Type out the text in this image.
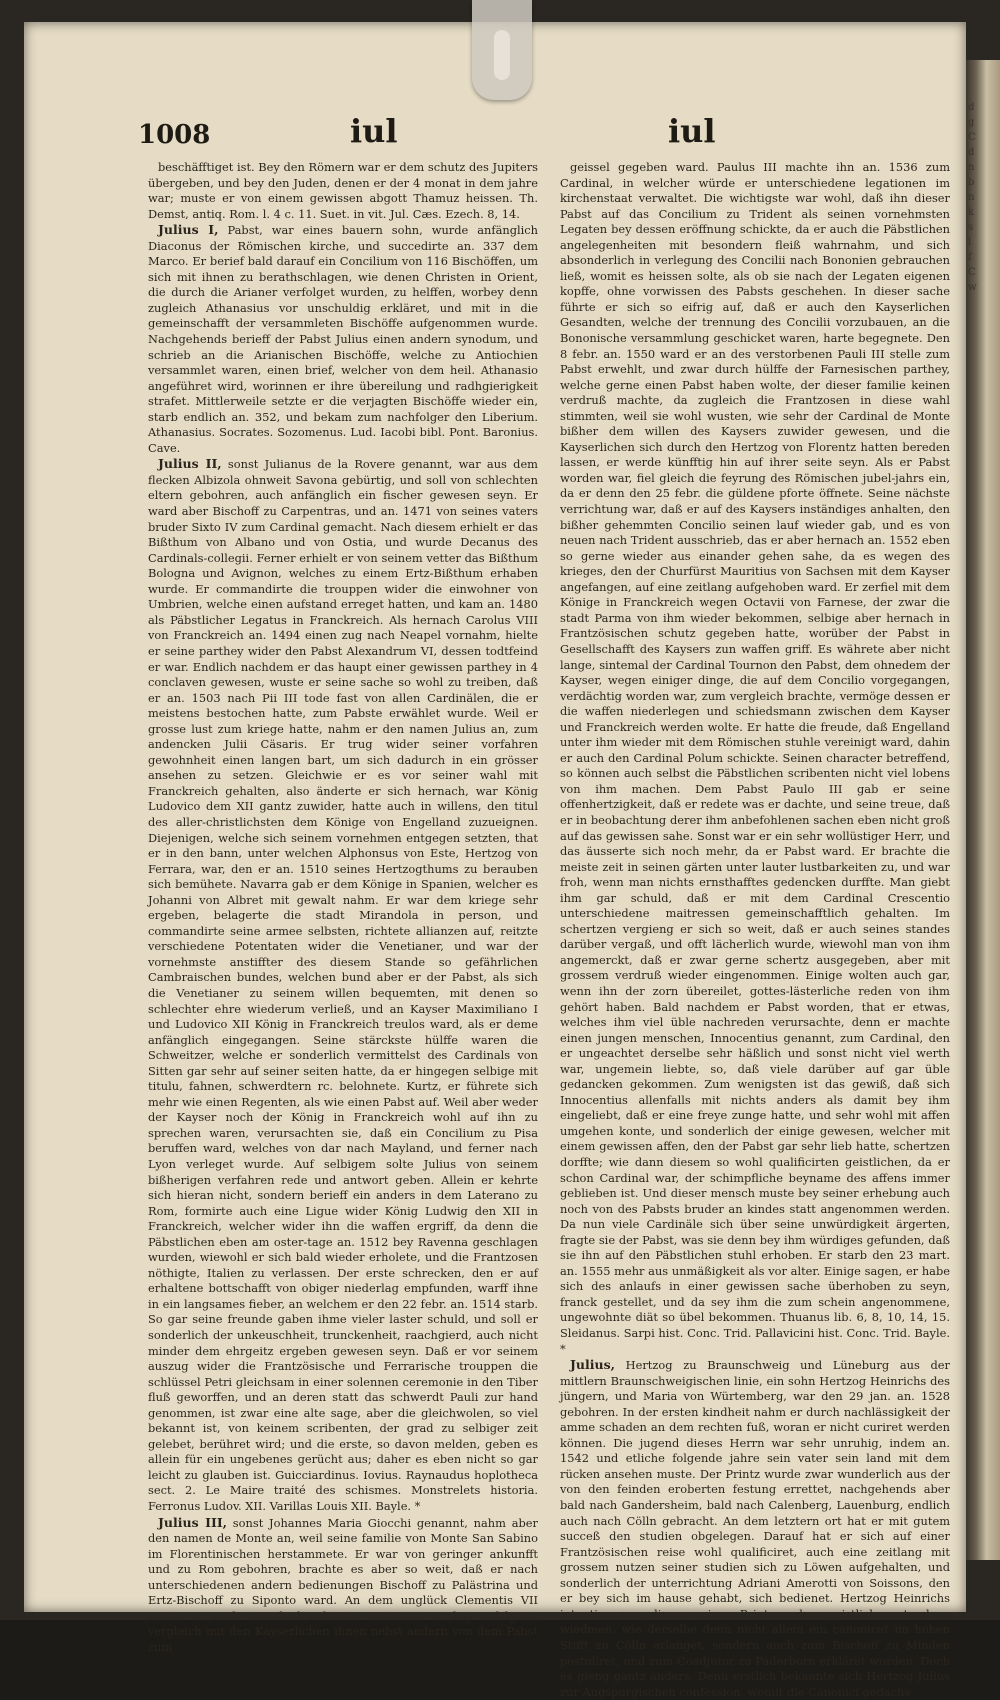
1008	iul	iul

beschäfftiget ist. Bey den Römern war er dem schutz des Jupiters übergeben, und bey den Juden, denen er der 4 monat in dem jahre war; muste er von einem gewissen abgott Thamuz heissen. Th. Demst, antiq. Rom. l. 4 c. 11. Suet. in vit. Jul. Cæs. Ezech. 8, 14.

Julius I, Pabst, war eines bauern sohn, wurde anfänglich Diaconus der Römischen kirche, und succedirte an. 337 dem Marco. Er berief bald darauf ein Concilium von 116 Bischöffen, um sich mit ihnen zu berathschlagen, wie denen Christen in Orient, die durch die Arianer verfolget wurden, zu helffen, worbey denn zugleich Athanasius vor unschuldig erkläret, und mit in die gemeinschafft der versammleten Bischöffe aufgenommen wurde. Nachgehends berieff der Pabst Julius einen andern synodum, und schrieb an die Arianischen Bischöffe, welche zu Antiochien versammlet waren, einen brief, welcher von dem heil. Athanasio angeführet wird, worinnen er ihre übereilung und radhgierigkeit strafet. Mittlerweile setzte er die verjagten Bischöffe wieder ein, starb endlich an. 352, und bekam zum nachfolger den Liberium. Athanasius. Socrates. Sozomenus. Lud. Iacobi bibl. Pont. Baronius. Cave.

Julius II, sonst Julianus de la Rovere genannt, war aus dem flecken Albizola ohnweit Savona gebürtig, und soll von schlechten eltern gebohren, auch anfänglich ein fischer gewesen seyn. Er ward aber Bischoff zu Carpentras, und an. 1471 von seines vaters bruder Sixto IV zum Cardinal gemacht. Nach diesem erhielt er das Bißthum von Albano und von Ostia, und wurde Decanus des Cardinals-collegii. Ferner erhielt er von seinem vetter das Bißthum Bologna und Avignon, welches zu einem Ertz-Bißthum erhaben wurde. Er commandirte die trouppen wider die einwohner von Umbrien, welche einen aufstand erreget hatten, und kam an. 1480 als Päbstlicher Legatus in Franckreich. Als hernach Carolus VIII von Franckreich an. 1494 einen zug nach Neapel vornahm, hielte er seine parthey wider den Pabst Alexandrum VI, dessen todtfeind er war. Endlich nachdem er das haupt einer gewissen parthey in 4 conclaven gewesen, wuste er seine sache so wohl zu treiben, daß er an. 1503 nach Pii III tode fast von allen Cardinälen, die er meistens bestochen hatte, zum Pabste erwählet wurde. Weil er grosse lust zum kriege hatte, nahm er den namen Julius an, zum andencken Julii Cäsaris. Er trug wider seiner vorfahren gewohnheit einen langen bart, um sich dadurch in ein grösser ansehen zu setzen. Gleichwie er es vor seiner wahl mit Franckreich gehalten, also änderte er sich hernach, war König Ludovico dem XII gantz zuwider, hatte auch in willens, den titul des aller-christlichsten dem Könige von Engelland zuzueignen. Diejenigen, welche sich seinem vornehmen entgegen setzten, that er in den bann, unter welchen Alphonsus von Este, Hertzog von Ferrara, war, den er an. 1510 seines Hertzogthums zu berauben sich bemühete. Navarra gab er dem Könige in Spanien, welcher es Johanni von Albret mit gewalt nahm. Er war dem kriege sehr ergeben, belagerte die stadt Mirandola in person, und commandirte seine armee selbsten, richtete allianzen auf, reitzte verschiedene Potentaten wider die Venetianer, und war der vornehmste anstiffter des diesem Stande so gefährlichen Cambraischen bundes, welchen bund aber er der Pabst, als sich die Venetianer zu seinem willen bequemten, mit denen so schlechter ehre wiederum verließ, und an Kayser Maximiliano I und Ludovico XII König in Franckreich treulos ward, als er deme anfänglich eingegangen. Seine stärckste hülffe waren die Schweitzer, welche er sonderlich vermittelst des Cardinals von Sitten gar sehr auf seiner seiten hatte, da er hingegen selbige mit titulu, fahnen, schwerdtern rc. belohnete. Kurtz, er führete sich mehr wie einen Regenten, als wie einen Pabst auf. Weil aber weder der Kayser noch der König in Franckreich wohl auf ihn zu sprechen waren, verursachten sie, daß ein Concilium zu Pisa beruffen ward, welches von dar nach Mayland, und ferner nach Lyon verleget wurde. Auf selbigem solte Julius von seinem bißherigen verfahren rede und antwort geben. Allein er kehrte sich hieran nicht, sondern berieff ein anders in dem Laterano zu Rom, formirte auch eine Ligue wider König Ludwig den XII in Franckreich, welcher wider ihn die waffen ergriff, da denn die Päbstlichen eben am oster-tage an. 1512 bey Ravenna geschlagen wurden, wiewohl er sich bald wieder erholete, und die Frantzosen nöthigte, Italien zu verlassen. Der erste schrecken, den er auf erhaltene bottschafft von obiger niederlag empfunden, warff ihne in ein langsames fieber, an welchem er den 22 febr. an. 1514 starb. So gar seine freunde gaben ihme vieler laster schuld, und soll er sonderlich der unkeuschheit, trunckenheit, raachgierd, auch nicht minder dem ehrgeitz ergeben gewesen seyn. Daß er vor seinem auszug wider die Frantzösische und Ferrarische trouppen die schlüssel Petri gleichsam in einer solennen ceremonie in den Tiber fluß geworffen, und an deren statt das schwerdt Pauli zur hand genommen, ist zwar eine alte sage, aber die gleichwolen, so viel bekannt ist, von keinem scribenten, der grad zu selbiger zeit gelebet, berühret wird; und die erste, so davon melden, geben es allein für ein ungebenes gerücht aus; daher es eben nicht so gar leicht zu glauben ist. Guicciardinus. Iovius. Raynaudus hoplotheca sect. 2. Le Maire traité des schismes. Monstrelets historia. Ferronus Ludov. XII. Varillas Louis XII. Bayle. *

Julius III, sonst Johannes Maria Giocchi genannt, nahm aber den namen de Monte an, weil seine familie von Monte San Sabino im Florentinischen herstammete. Er war von geringer ankunfft und zu Rom gebohren, brachte es aber so weit, daß er nach unterschiedenen andern bedienungen Bischoff zu Palästrina und Ertz-Bischoff zu Siponto ward. An dem unglück Clementis VII muste er auch mit theil nehmen, immassen er bey erfolgtem vergleich mit den Kayserlichen ihnen nebst andern von dem Pabst zum

geissel gegeben ward. Paulus III machte ihn an. 1536 zum Cardinal, in welcher würde er unterschiedene legationen im kirchenstaat verwaltet. Die wichtigste war wohl, daß ihn dieser Pabst auf das Concilium zu Trident als seinen vornehmsten Legaten bey dessen eröffnung schickte, da er auch die Päbstlichen angelegenheiten mit besondern fleiß wahrnahm, und sich absonderlich in verlegung des Concilii nach Bononien gebrauchen ließ, womit es heissen solte, als ob sie nach der Legaten eigenen kopffe, ohne vorwissen des Pabsts geschehen. In dieser sache führte er sich so eifrig auf, daß er auch den Kayserlichen Gesandten, welche der trennung des Concilii vorzubauen, an die Bononische versammlung geschicket waren, harte begegnete. Den 8 febr. an. 1550 ward er an des verstorbenen Pauli III stelle zum Pabst erwehlt, und zwar durch hülffe der Farnesischen parthey, welche gerne einen Pabst haben wolte, der dieser familie keinen verdruß machte, da zugleich die Frantzosen in diese wahl stimmten, weil sie wohl wusten, wie sehr der Cardinal de Monte bißher dem willen des Kaysers zuwider gewesen, und die Kayserlichen sich durch den Hertzog von Florentz hatten bereden lassen, er werde künfftig hin auf ihrer seite seyn. Als er Pabst worden war, fiel gleich die feyrung des Römischen jubel-jahrs ein, da er denn den 25 febr. die güldene pforte öffnete. Seine nächste verrichtung war, daß er auf des Kaysers inständiges anhalten, den bißher gehemmten Concilio seinen lauf wieder gab, und es von neuen nach Trident ausschrieb, das er aber hernach an. 1552 eben so gerne wieder aus einander gehen sahe, da es wegen des krieges, den der Churfürst Mauritius von Sachsen mit dem Kayser angefangen, auf eine zeitlang aufgehoben ward. Er zerfiel mit dem Könige in Franckreich wegen Octavii von Farnese, der zwar die stadt Parma von ihm wieder bekommen, selbige aber hernach in Frantzösischen schutz gegeben hatte, worüber der Pabst in Gesellschafft des Kaysers zun waffen griff. Es währete aber nicht lange, sintemal der Cardinal Tournon den Pabst, dem ohnedem der Kayser, wegen einiger dinge, die auf dem Concilio vorgegangen, verdächtig worden war, zum vergleich brachte, vermöge dessen er die waffen niederlegen und schiedsmann zwischen dem Kayser und Franckreich werden wolte. Er hatte die freude, daß Engelland unter ihm wieder mit dem Römischen stuhle vereinigt ward, dahin er auch den Cardinal Polum schickte. Seinen character betreffend, so können auch selbst die Päbstlichen scribenten nicht viel lobens von ihm machen. Dem Pabst Paulo III gab er seine offenhertzigkeit, daß er redete was er dachte, und seine treue, daß er in beobachtung derer ihm anbefohlenen sachen eben nicht groß auf das gewissen sahe. Sonst war er ein sehr wollüstiger Herr, und das äusserte sich noch mehr, da er Pabst ward. Er brachte die meiste zeit in seinen gärten unter lauter lustbarkeiten zu, und war froh, wenn man nichts ernsthafftes gedencken durffte. Man giebt ihm gar schuld, daß er mit dem Cardinal Crescentio unterschiedene maitressen gemeinschafftlich gehalten. Im schertzen vergieng er sich so weit, daß er auch seines standes darüber vergaß, und offt lächerlich wurde, wiewohl man von ihm angemerckt, daß er zwar gerne schertz ausgegeben, aber mit grossem verdruß wieder eingenommen. Einige wolten auch gar, wenn ihn der zorn übereilet, gottes-lästerliche reden von ihm gehört haben. Bald nachdem er Pabst worden, that er etwas, welches ihm viel üble nachreden verursachte, denn er machte einen jungen menschen, Innocentius genannt, zum Cardinal, den er ungeachtet derselbe sehr häßlich und sonst nicht viel werth war, ungemein liebte, so, daß viele darüber auf gar üble gedancken gekommen. Zum wenigsten ist das gewiß, daß sich Innocentius allenfalls mit nichts anders als damit bey ihm eingeliebt, daß er eine freye zunge hatte, und sehr wohl mit affen umgehen konte, und sonderlich der einige gewesen, welcher mit einem gewissen affen, den der Pabst gar sehr lieb hatte, schertzen dorffte; wie dann diesem so wohl qualificirten geistlichen, da er schon Cardinal war, der schimpfliche beyname des affens immer geblieben ist. Und dieser mensch muste bey seiner erhebung auch noch von des Pabsts bruder an kindes statt angenommen werden. Da nun viele Cardinäle sich über seine unwürdigkeit ärgerten, fragte sie der Pabst, was sie denn bey ihm würdiges gefunden, daß sie ihn auf den Päbstlichen stuhl erhoben. Er starb den 23 mart. an. 1555 mehr aus unmäßigkeit als vor alter. Einige sagen, er habe sich des anlaufs in einer gewissen sache überhoben zu seyn, franck gestellet, und da sey ihm die zum schein angenommene, ungewohnte diät so übel bekommen. Thuanus lib. 6, 8, 10, 14, 15. Sleidanus. Sarpi hist. Conc. Trid. Pallavicini hist. Conc. Trid. Bayle. *

Julius, Hertzog zu Braunschweig und Lüneburg aus der mittlern Braunschweigischen linie, ein sohn Hertzog Heinrichs des jüngern, und Maria von Würtemberg, war den 29 jan. an. 1528 gebohren. In der ersten kindheit nahm er durch nachlässigkeit der amme schaden an dem rechten fuß, woran er nicht curiret werden können. Die jugend dieses Herrn war sehr unruhig, indem an. 1542 und etliche folgende jahre sein vater sein land mit dem rücken ansehen muste. Der Printz wurde zwar wunderlich aus der von den feinden eroberten festung errettet, nachgehends aber bald nach Gandersheim, bald nach Calenberg, Lauenburg, endlich auch nach Cölln gebracht. An dem letztern ort hat er mit gutem succeß den studien obgelegen. Darauf hat er sich auf einer Frantzösischen reise wohl qualificiret, auch eine zeitlang mit grossem nutzen seiner studien sich zu Löwen aufgehalten, und sonderlich der unterrichtung Adriani Amerotti von Soissons, den er bey sich im hause gehabt, sich bedienet. Hertzog Heinrichs intention war, diesen seinen Printzen dem geistlichen stand zu wiedmen, wie derselbe denn nicht allein ein canonicat im hohen Stifft zu Cölln erlanget, sondern auch zum Bischoff zu Minden postuliret, und zum Coadjutor zu Paderborn erkläret worden. Doch es gieng gantz anders. Denn erstlich bekannte sich Hertzog Julius zur Augspurgischen confession, womit die Canonici gedachs

d
g
C
d
n
b
n
k
s
l
f
C
w
